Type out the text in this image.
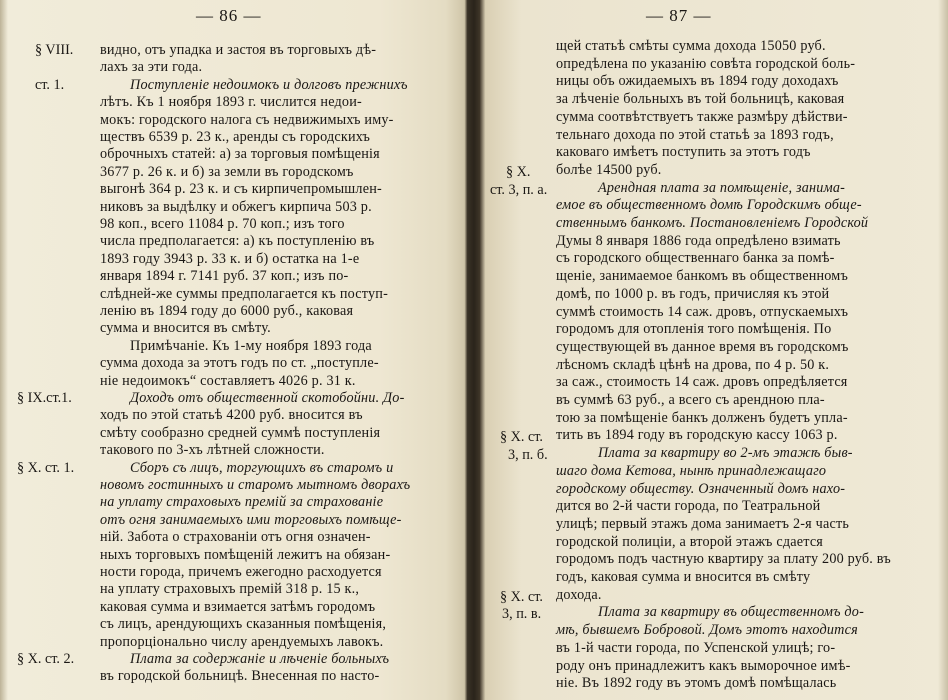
— 86 —
§ VIII.
ст. 1.
§ IX.ст.1.
§ X. ст. 1.
§ X. ст. 2.
видно, отъ упадка и застоя въ торговыхъ дѣ-
лахъ за эти года.
Поступленіе недоимокъ и долговъ прежнихъ
лѣтъ. Къ 1 ноября 1893 г. числится недои-
мокъ: городского налога съ недвижимыхъ иму-
ществъ 6539 р. 23 к., аренды съ городскихъ
оброчныхъ статей: а) за торговыя помѣщенія
3677 р. 26 к. и б) за земли въ городскомъ
выгонѣ 364 р. 23 к. и съ кирпичепромышлен-
никовъ за выдѣлку и обжегъ кирпича 503 р.
98 коп., всего 11084 р. 70 коп.; изъ того
числа предполагается: а) къ поступленію въ
1893 году 3943 р. 33 к. и б) остатка на 1-е
января 1894 г. 7141 руб. 37 коп.; изъ по-
слѣдней-же суммы предполагается къ поступ-
ленію въ 1894 году до 6000 руб., каковая
сумма и вносится въ смѣту.
Примѣчаніе. Къ 1-му ноября 1893 года
сумма дохода за этотъ годъ по ст. „поступле-
ніе недоимокъ“ составляетъ 4026 р. 31 к.
Доходъ отъ общественной скотобойни. До-
ходъ по этой статьѣ 4200 руб. вносится въ
смѣту сообразно средней суммѣ поступленія
такового по 3-хъ лѣтней сложности.
Сборъ съ лицъ, торгующихъ въ старомъ и
новомъ гостинныхъ и старомъ мытномъ дворахъ
на уплату страховыхъ премій за страхованіе
отъ огня занимаемыхъ ими торговыхъ помѣще-
ній. Забота о страхованіи отъ огня означен-
ныхъ торговыхъ помѣщеній лежитъ на обязан-
ности города, причемъ ежегодно расходуется
на уплату страховыхъ премій 318 р. 15 к.,
каковая сумма и взимается затѣмъ городомъ
съ лицъ, арендующихъ сказанныя помѣщенія,
пропорціонально числу арендуемыхъ лавокъ.
Плата за содержаніе и лѣченіе больныхъ
въ городской больницѣ. Внесенная по насто-
— 87 —
§ X.
ст. 3, п. а.
§ X. ст.
3, п. б.
§ X. ст.
3, п. в.
щей статьѣ смѣты сумма дохода 15050 руб.
опредѣлена по указанію совѣта городской боль-
ницы объ ожидаемыхъ въ 1894 году доходахъ
за лѣченіе больныхъ въ той больницѣ, каковая
сумма соотвѣтствуетъ также размѣру дѣйстви-
тельнаго дохода по этой статьѣ за 1893 годъ,
каковаго имѣетъ поступить за этотъ годъ
болѣе 14500 руб.
Арендная плата за помѣщеніе, занима-
емое въ общественномъ домѣ Городскимъ обще-
ственнымъ банкомъ. Постановленіемъ Городской
Думы 8 января 1886 года опредѣлено взимать
съ городского общественнаго банка за помѣ-
щеніе, занимаемое банкомъ въ общественномъ
домѣ, по 1000 р. въ годъ, причисляя къ этой
суммѣ стоимость 14 саж. дровъ, отпускаемыхъ
городомъ для отопленія того помѣщенія. По
существующей въ данное время въ городскомъ
лѣсномъ складѣ цѣнѣ на дрова, по 4 р. 50 к.
за саж., стоимость 14 саж. дровъ опредѣляется
въ суммѣ 63 руб., а всего съ арендною пла-
тою за помѣщеніе банкъ долженъ будетъ упла-
тить въ 1894 году въ городскую кассу 1063 р.
Плата за квартиру во 2-мъ этажѣ быв-
шаго дома Кетова, нынѣ принадлежащаго
городскому обществу. Означенный домъ нахо-
дится во 2-й части города, по Театральной
улицѣ; первый этажъ дома занимаетъ 2-я часть
городской полиціи, а второй этажъ сдается
городомъ подъ частную квартиру за плату 200 руб. въ
годъ, каковая сумма и вносится въ смѣту
дохода.
Плата за квартиру въ общественномъ до-
мѣ, бывшемъ Бобровой. Домъ этотъ находится
въ 1-й части города, по Успенской улицѣ; го-
роду онъ принадлежитъ какъ выморочное имѣ-
ніе. Въ 1892 году въ этомъ домѣ помѣщалась
